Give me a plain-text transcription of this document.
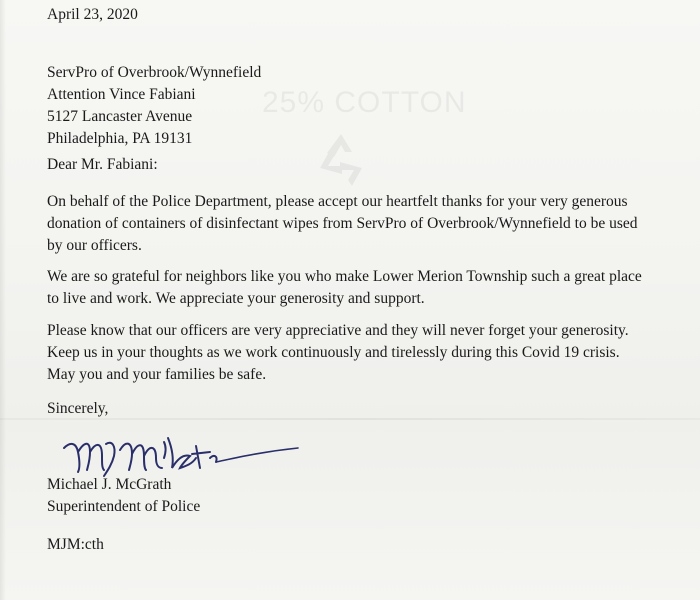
25% COTTON
April 23, 2020
ServPro of Overbrook/Wynnefield
Attention Vince Fabiani
5127 Lancaster Avenue
Philadelphia, PA 19131
Dear Mr. Fabiani:
On behalf of the Police Department, please accept our heartfelt thanks for your very generous
donation of containers of disinfectant wipes from ServPro of Overbrook/Wynnefield to be used
by our officers.
We are so grateful for neighbors like you who make Lower Merion Township such a great place
to live and work. We appreciate your generosity and support.
Please know that our officers are very appreciative and they will never forget your generosity.
Keep us in your thoughts as we work continuously and tirelessly during this Covid 19 crisis.
May you and your families be safe.
Sincerely,
Michael J. McGrath
Superintendent of Police
MJM:cth
